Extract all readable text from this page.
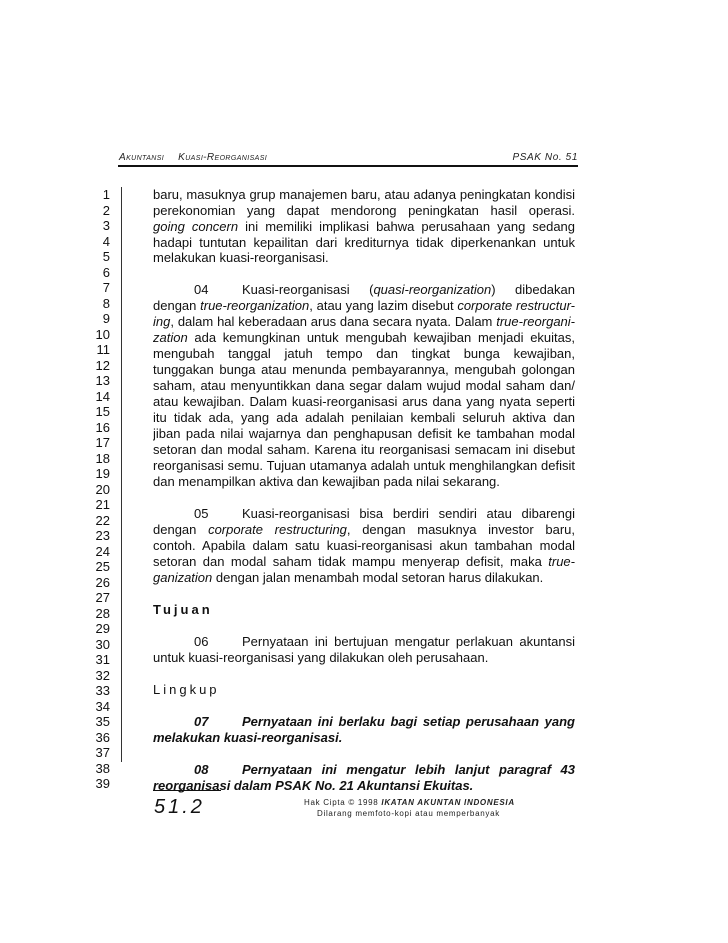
Akuntansi Kuasi-Reorganisasi	PSAK No. 51
1
2
3
4
5
6
7
8
9
10
11
12
13
14
15
16
17
18
19
20
21
22
23
24
25
26
27
28
29
30
31
32
33
34
35
36
37
38
39
baru, masuknya grup manajemen baru, atau adanya peningkatan kondisi
perekonomian yang dapat mendorong peningkatan hasil operasi.
going concern ini memiliki implikasi bahwa perusahaan yang sedang
hadapi tuntutan kepailitan dari krediturnya tidak diperkenankan untuk
melakukan kuasi-reorganisasi.
04	Kuasi-reorganisasi (quasi-reorganization) dibedakan
dengan true-reorganization, atau yang lazim disebut corporate restructur-
ing, dalam hal keberadaan arus dana secara nyata. Dalam true-reorgani-
zation ada kemungkinan untuk mengubah kewajiban menjadi ekuitas,
mengubah tanggal jatuh tempo dan tingkat bunga kewajiban,
tunggakan bunga atau menunda pembayarannya, mengubah golongan
saham, atau menyuntikkan dana segar dalam wujud modal saham dan/
atau kewajiban. Dalam kuasi-reorganisasi arus dana yang nyata seperti
itu tidak ada, yang ada adalah penilaian kembali seluruh aktiva dan
jiban pada nilai wajarnya dan penghapusan defisit ke tambahan modal
setoran dan modal saham. Karena itu reorganisasi semacam ini disebut
reorganisasi semu. Tujuan utamanya adalah untuk menghilangkan defisit
dan menampilkan aktiva dan kewajiban pada nilai sekarang.
05	Kuasi-reorganisasi bisa berdiri sendiri atau dibarengi
dengan corporate restructuring, dengan masuknya investor baru,
contoh. Apabila dalam satu kuasi-reorganisasi akun tambahan modal
setoran dan modal saham tidak mampu menyerap defisit, maka true-
ganization dengan jalan menambah modal setoran harus dilakukan.
Tujuan
06	Pernyataan ini bertujuan mengatur perlakuan akuntansi
untuk kuasi-reorganisasi yang dilakukan oleh perusahaan.
Lingkup
07	Pernyataan ini berlaku bagi setiap perusahaan yang
melakukan kuasi-reorganisasi.
08	Pernyataan ini mengatur lebih lanjut paragraf 43
reorganisasi dalam PSAK No. 21 Akuntansi Ekuitas.
51.2	Hak Cipta © 1998 IKATAN AKUNTAN INDONESIA
Dilarang memfoto-kopi atau memperbanyak
